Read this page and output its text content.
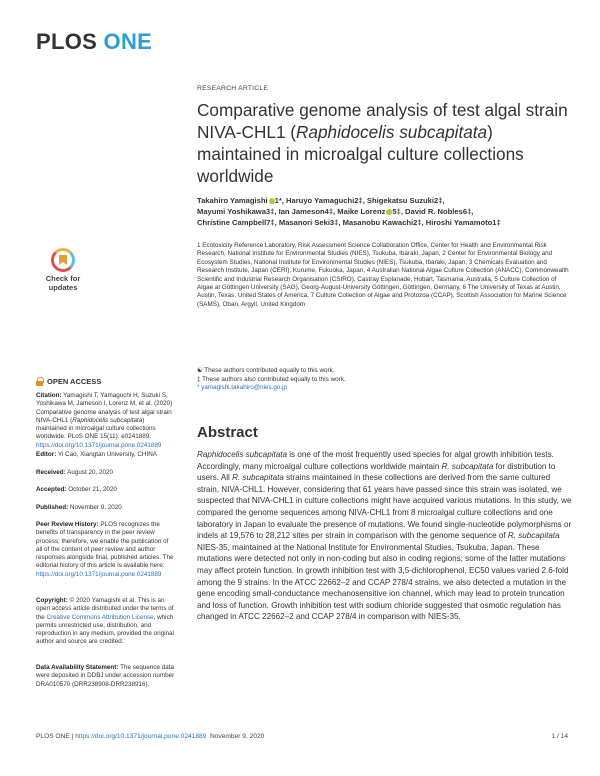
PLOS ONE
Check for
updates
OPEN ACCESS
Citation: Yamagishi T, Yamaguchi H, Suzuki S, Yoshikawa M, Jameson I, Lorenz M, et al. (2020) Comparative genome analysis of test algal strain NIVA-CHL1 (Raphidocelis subcapitata) maintained in microalgal culture collections worldwide. PLoS ONE 15(11): e0241889. https://doi.org/10.1371/journal.pone.0241889
Editor: Yi Cao, Xiangtan University, CHINA
Received: August 20, 2020
Accepted: October 21, 2020
Published: November 9, 2020
Peer Review History: PLOS recognizes the benefits of transparency in the peer review process; therefore, we enable the publication of all of the content of peer review and author responses alongside final, published articles. The editorial history of this article is available here: https://doi.org/10.1371/journal.pone.0241889
Copyright: © 2020 Yamagishi et al. This is an open access article distributed under the terms of the Creative Commons Attribution License, which permits unrestricted use, distribution, and reproduction in any medium, provided the original author and source are credited.
Data Availability Statement: The sequence data were deposited in DDBJ under accession number DRA010570 (DRR238908-DRR238916).
RESEARCH ARTICLE
Comparative genome analysis of test algal strain NIVA-CHL1 (Raphidocelis subcapitata) maintained in microalgal culture collections worldwide
Takahiro Yamagishi 1*, Haruyo Yamaguchi2‡, Shigekatsu Suzuki2‡,
Mayumi Yoshikawa3‡, Ian Jameson4‡, Maike Lorenz 5‡, David R. Nobles6‡,
Christine Campbell7‡, Masanori Seki3‡, Masanobu Kawachi2‡, Hiroshi Yamamoto1‡
1 Ecotoxicity Reference Laboratory, Risk Assessment Science Collaboration Office, Center for Health and Environmental Risk Research, National Institute for Environmental Studies (NIES), Tsukuba, Ibaraki, Japan, 2 Center for Environmental Biology and Ecosystem Studies, National Institute for Environmental Studies (NIES), Tsukuba, Ibaraki, Japan, 3 Chemicals Evaluation and Research Institute, Japan (CERI), Kurume, Fukuoka, Japan, 4 Australian National Algae Culture Collection (ANACC), Commonwealth Scientific and Industrial Research Organisation (CSIRO), Castray Esplanade, Hobart, Tasmania, Australia, 5 Culture Collection of Algae at Göttingen University (SAG), Georg-August-University Göttingen, Göttingen, Germany, 6 The University of Texas at Austin, Austin, Texas, United States of America, 7 Culture Collection of Algae and Protozoa (CCAP), Scottish Association for Marine Science (SAMS), Oban, Argyll, United Kingdom
☯ These authors contributed equally to this work.
‡ These authors also contributed equally to this work.
* yamagishi.takahiro@nies.go.jp
Abstract

Raphidocelis subcapitata is one of the most frequently used species for algal growth inhibition tests. Accordingly, many microalgal culture collections worldwide maintain R. subcapitata for distribution to users. All R. subcapitata strains maintained in these collections are derived from the same cultured strain, NIVA-CHL1. However, considering that 61 years have passed since this strain was isolated, we suspected that NIVA-CHL1 in culture collections might have acquired various mutations. In this study, we compared the genome sequences among NIVA-CHL1 from 8 microalgal culture collections and one laboratory in Japan to evaluate the presence of mutations. We found single-nucleotide polymorphisms or indels at 19,576 to 28,212 sites per strain in comparison with the genome sequence of R. subcapitata NIES-35, maintained at the National Institute for Environmental Studies, Tsukuba, Japan. These mutations were detected not only in non-coding but also in coding regions; some of the latter mutations may affect protein function. In growth inhibition test with 3,5-dichlorophenol, EC50 values varied 2.6-fold among the 9 strains. In the ATCC 22662–2 and CCAP 278/4 strains, we also detected a mutation in the gene encoding small-conductance mechanosensitive ion channel, which may lead to protein truncation and loss of function. Growth inhibition test with sodium chloride suggested that osmotic regulation has changed in ATCC 22662–2 and CCAP 278/4 in comparison with NIES-35.

PLOS ONE | https://doi.org/10.1371/journal.pone.0241889 November 9, 2020	1 / 14
